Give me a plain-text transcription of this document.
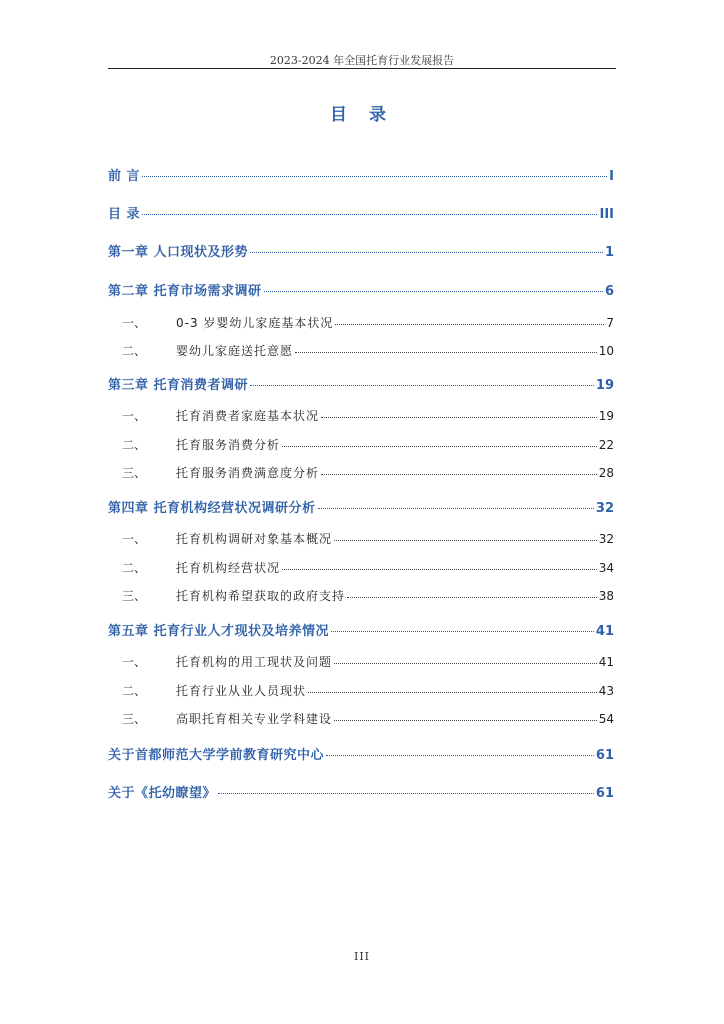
2023-2024 年全国托育行业发展报告
目 录
前 言	I
目 录	III
第一章 人口现状及形势	1
第二章 托育市场需求调研	6
一、	0-3 岁婴幼儿家庭基本状况	7
二、	婴幼儿家庭送托意愿	10
第三章 托育消费者调研	19
一、	托育消费者家庭基本状况	19
二、	托育服务消费分析	22
三、	托育服务消费满意度分析	28
第四章 托育机构经营状况调研分析	32
一、	托育机构调研对象基本概况	32
二、	托育机构经营状况	34
三、	托育机构希望获取的政府支持	38
第五章 托育行业人才现状及培养情况	41
一、	托育机构的用工现状及问题	41
二、	托育行业从业人员现状	43
三、	高职托育相关专业学科建设	54
关于首都师范大学学前教育研究中心	61
关于《托幼瞭望》	61
III
